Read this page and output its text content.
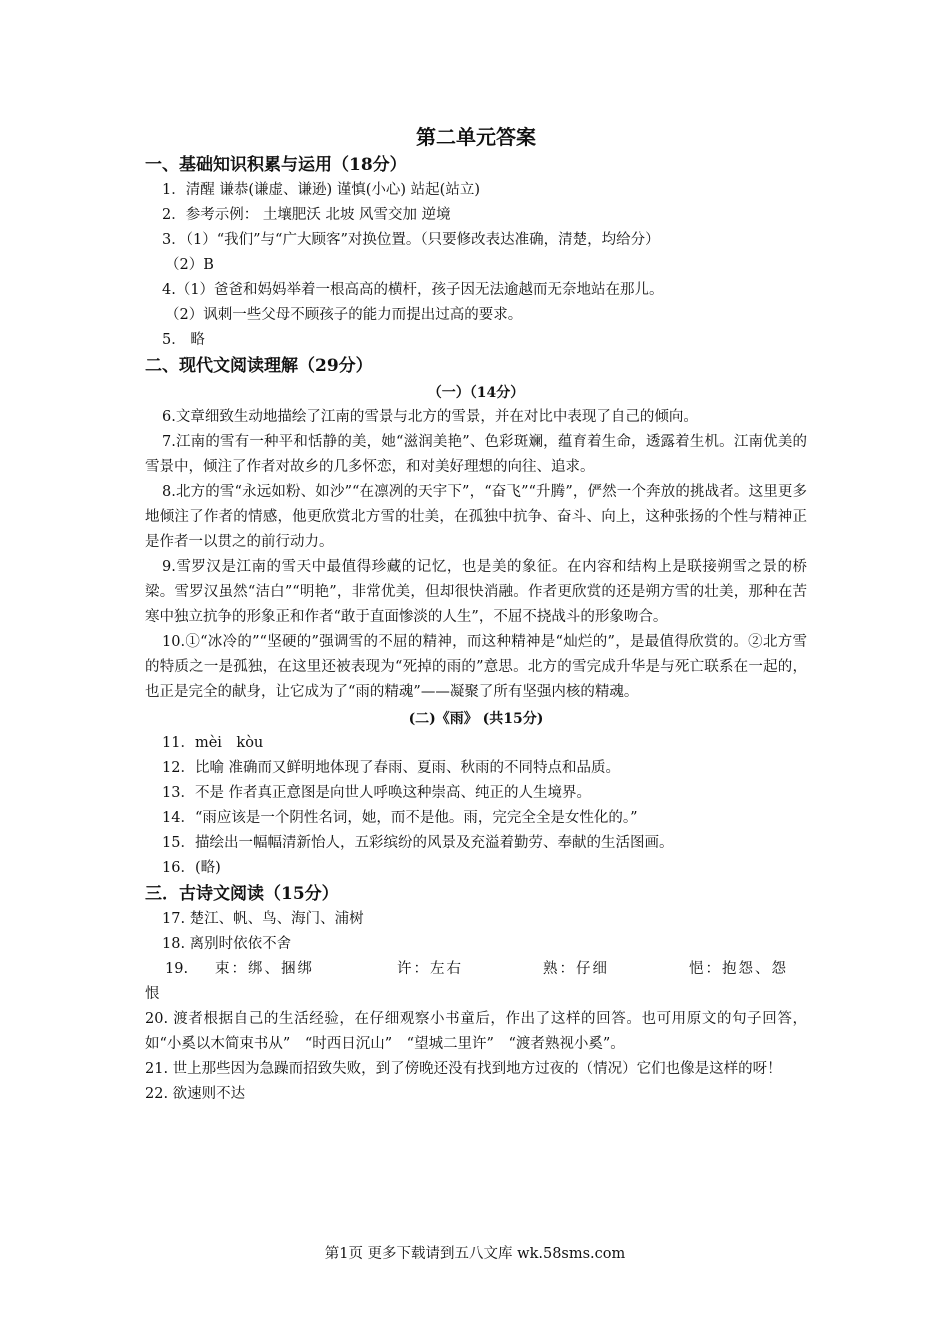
第二单元答案
一、基础知识积累与运用（18分）

1．清醒 谦恭(谦虚、谦逊) 谨慎(小心) 站起(站立)

2．参考示例： 土壤肥沃 北坡 风雪交加 逆境

3．（1）“我们”与“广大顾客”对换位置。（只要修改表达准确，清楚，均给分）

（2）B

4.（1）爸爸和妈妈举着一根高高的横杆，孩子因无法逾越而无奈地站在那儿。

（2）讽刺一些父母不顾孩子的能力而提出过高的要求。

5． 略

二、现代文阅读理解（29分）
（一）（14分）

6.文章细致生动地描绘了江南的雪景与北方的雪景，并在对比中表现了自己的倾向。

7.江南的雪有一种平和恬静的美，她“滋润美艳”、色彩斑斓，蕴育着生命，透露着生机。江南优美的雪景中，倾注了作者对故乡的几多怀恋，和对美好理想的向往、追求。

8.北方的雪“永远如粉、如沙”“在凛冽的天宇下”，“奋飞”“升腾”，俨然一个奔放的挑战者。这里更多地倾注了作者的情感，他更欣赏北方雪的壮美，在孤独中抗争、奋斗、向上，这种张扬的个性与精神正是作者一以贯之的前行动力。

9.雪罗汉是江南的雪天中最值得珍藏的记忆，也是美的象征。在内容和结构上是联接朔雪之景的桥梁。雪罗汉虽然“洁白”“明艳”，非常优美，但却很快消融。作者更欣赏的还是朔方雪的壮美，那种在苦寒中独立抗争的形象正和作者“敢于直面惨淡的人生”，不屈不挠战斗的形象吻合。

10.①“冰冷的”“坚硬的”强调雪的不屈的精神，而这种精神是“灿烂的”，是最值得欣赏的。②北方雪的特质之一是孤独，在这里还被表现为“死掉的雨的”意思。北方的雪完成升华是与死亡联系在一起的，也正是完全的献身，让它成为了“雨的精魂”——凝聚了所有坚强内核的精魂。

(二)《雨》 (共15分)

11．mèi　kòu

12．比喻 准确而又鲜明地体现了春雨、夏雨、秋雨的不同特点和品质。

13．不是 作者真正意图是向世人呼唤这种崇高、纯正的人生境界。

14．“雨应该是一个阴性名词，她，而不是他。雨，完完全全是女性化的。”

15．描绘出一幅幅清新怡人，五彩缤纷的风景及充溢着勤劳、奉献的生活图画。

16．(略)

三．古诗文阅读（15分）

17. 楚江、帆、鸟、海门、浦树

18. 离别时依依不舍

19.	束：绑、捆绑	许：左右	熟：仔细	悒：抱怨、怨

恨

20. 渡者根据自己的生活经验，在仔细观察小书童后，作出了这样的回答。也可用原文的句子回答，如“小奚以木简束书从”　“时西日沉山”　“望城二里许”　“渡者熟视小奚”。

21. 世上那些因为急躁而招致失败，到了傍晚还没有找到地方过夜的（情况）它们也像是这样的呀！

22. 欲速则不达

第1页 更多下载请到五八文库 wk.58sms.com
